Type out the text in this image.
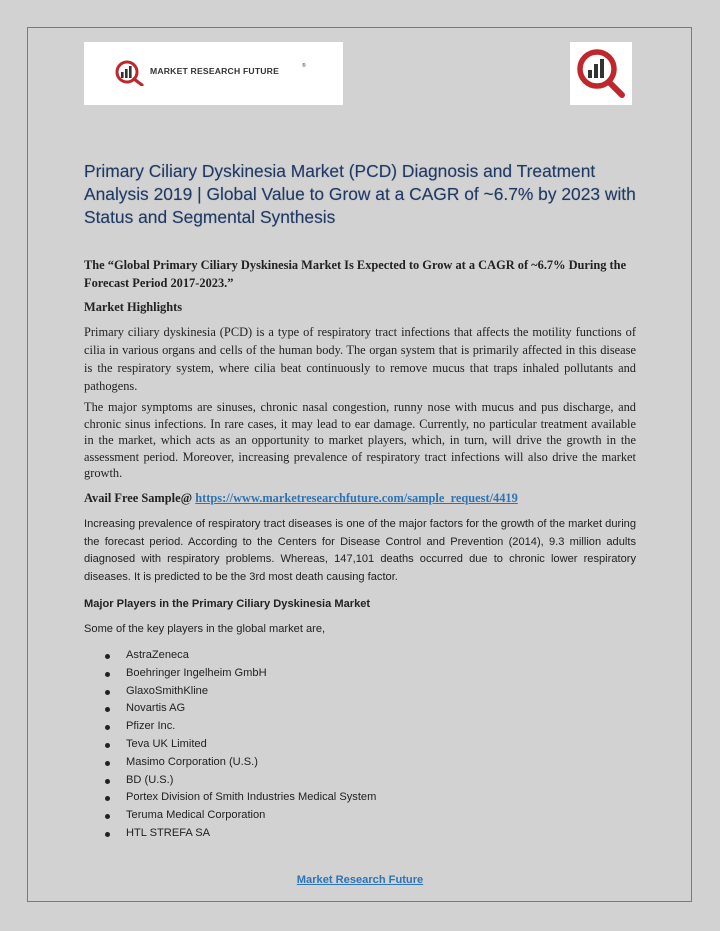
MARKET RESEARCH FUTURE	®
Primary Ciliary Dyskinesia Market (PCD) Diagnosis and Treatment Analysis 2019 | Global Value to Grow at a CAGR of ~6.7% by 2023 with Status and Segmental Synthesis
The “Global Primary Ciliary Dyskinesia Market Is Expected to Grow at a CAGR of ~6.7% During the Forecast Period 2017-2023.”
Market Highlights
Primary ciliary dyskinesia (PCD) is a type of respiratory tract infections that affects the motility functions of cilia in various organs and cells of the human body. The organ system that is primarily affected in this disease is the respiratory system, where cilia beat continuously to remove mucus that traps inhaled pollutants and pathogens.
The major symptoms are sinuses, chronic nasal congestion, runny nose with mucus and pus discharge, and chronic sinus infections. In rare cases, it may lead to ear damage. Currently, no particular treatment available in the market, which acts as an opportunity to market players, which, in turn, will drive the growth in the assessment period. Moreover, increasing prevalence of respiratory tract infections will also drive the market growth.
Avail Free Sample@ https://www.marketresearchfuture.com/sample_request/4419
Increasing prevalence of respiratory tract diseases is one of the major factors for the growth of the market during the forecast period. According to the Centers for Disease Control and Prevention (2014), 9.3 million adults diagnosed with respiratory problems. Whereas, 147,101 deaths occurred due to chronic lower respiratory diseases. It is predicted to be the 3rd most death causing factor.
Major Players in the Primary Ciliary Dyskinesia Market
Some of the key players in the global market are,
AstraZeneca
Boehringer Ingelheim GmbH
GlaxoSmithKline
Novartis AG
Pfizer Inc.
Teva UK Limited
Masimo Corporation (U.S.)
BD (U.S.)
Portex Division of Smith Industries Medical System
Teruma Medical Corporation
HTL STREFA SA
Market Research Future
